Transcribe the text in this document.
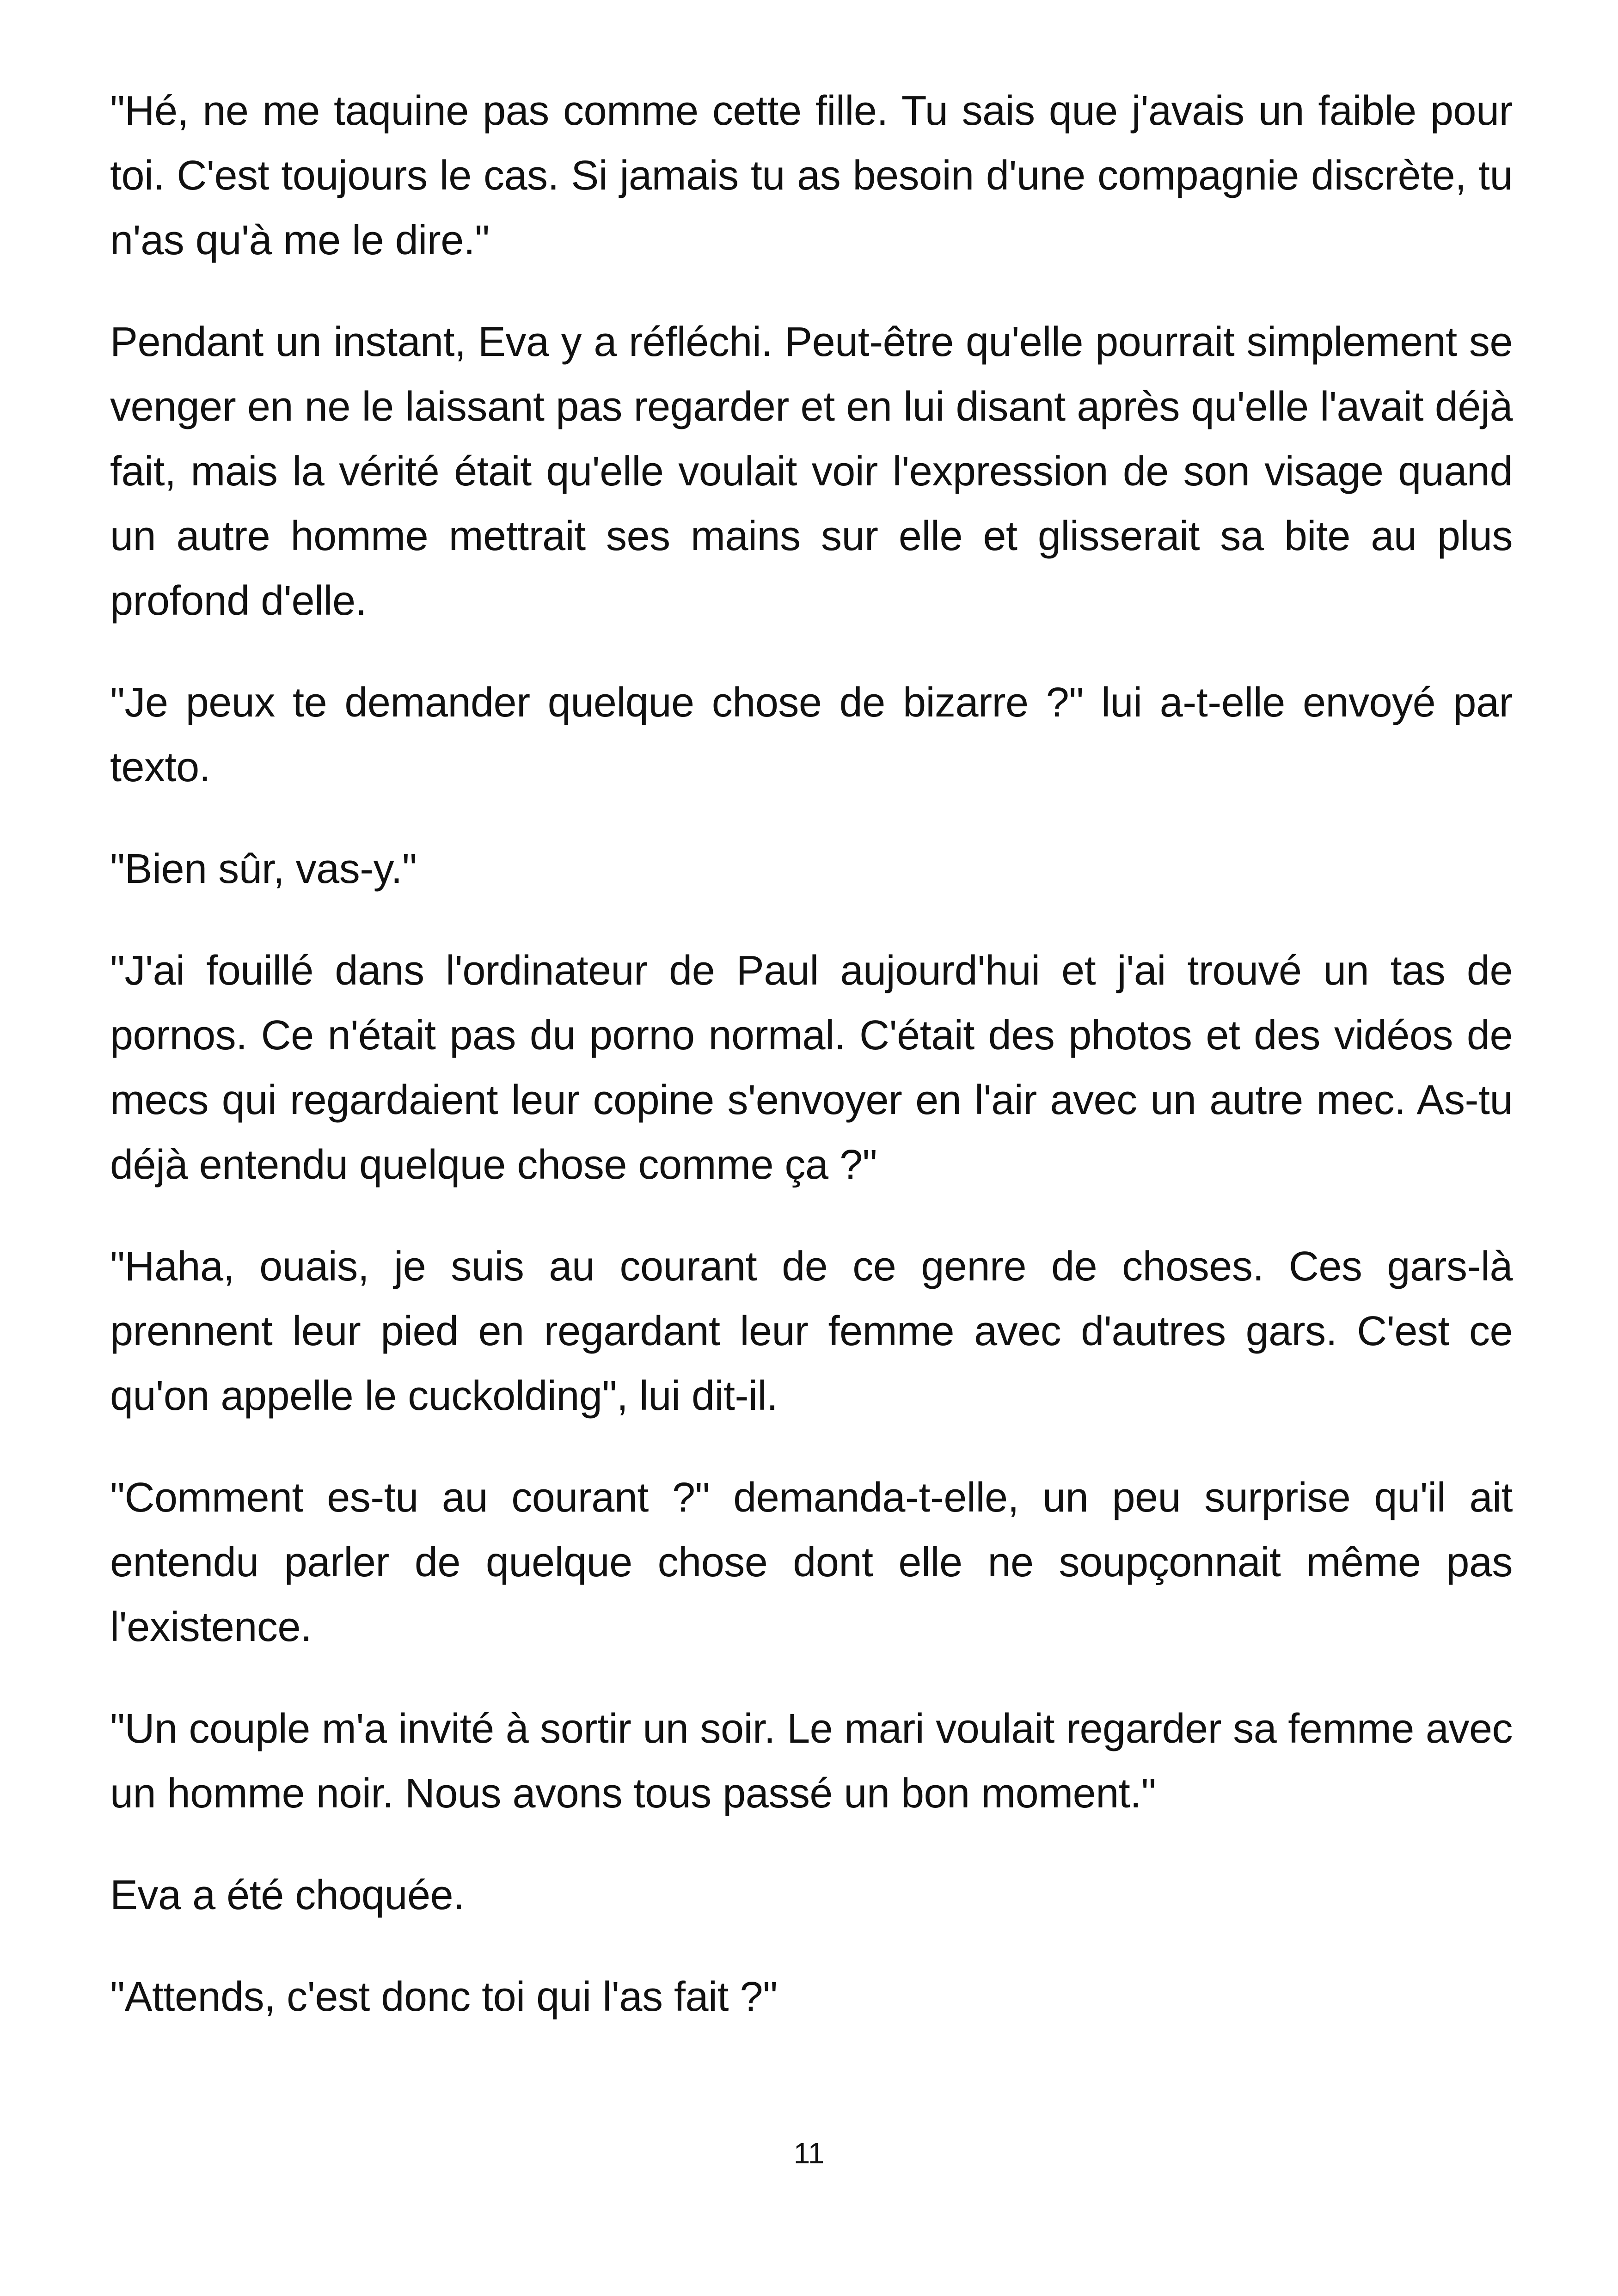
"Hé, ne me taquine pas comme cette fille. Tu sais que j'avais un faible pour toi. C'est toujours le cas. Si jamais tu as besoin d'une compagnie discrète, tu n'as qu'à me le dire."

Pendant un instant, Eva y a réfléchi. Peut-être qu'elle pourrait simplement se venger en ne le laissant pas regarder et en lui disant après qu'elle l'avait déjà fait, mais la vérité était qu'elle voulait voir l'expression de son visage quand un autre homme mettrait ses mains sur elle et glisserait sa bite au plus profond d'elle.

"Je peux te demander quelque chose de bizarre ?" lui a-t-elle envoyé par texto.

"Bien sûr, vas-y."

"J'ai fouillé dans l'ordinateur de Paul aujourd'hui et j'ai trouvé un tas de pornos. Ce n'était pas du porno normal. C'était des photos et des vidéos de mecs qui regardaient leur copine s'envoyer en l'air avec un autre mec. As-tu déjà entendu quelque chose comme ça ?"

"Haha, ouais, je suis au courant de ce genre de choses. Ces gars-là prennent leur pied en regardant leur femme avec d'autres gars. C'est ce qu'on appelle le cuckolding", lui dit-il.

"Comment es-tu au courant ?" demanda-t-elle, un peu surprise qu'il ait entendu parler de quelque chose dont elle ne soupçonnait même pas l'existence.

"Un couple m'a invité à sortir un soir. Le mari voulait regarder sa femme avec un homme noir. Nous avons tous passé un bon moment."

Eva a été choquée.

"Attends, c'est donc toi qui l'as fait ?"

11
